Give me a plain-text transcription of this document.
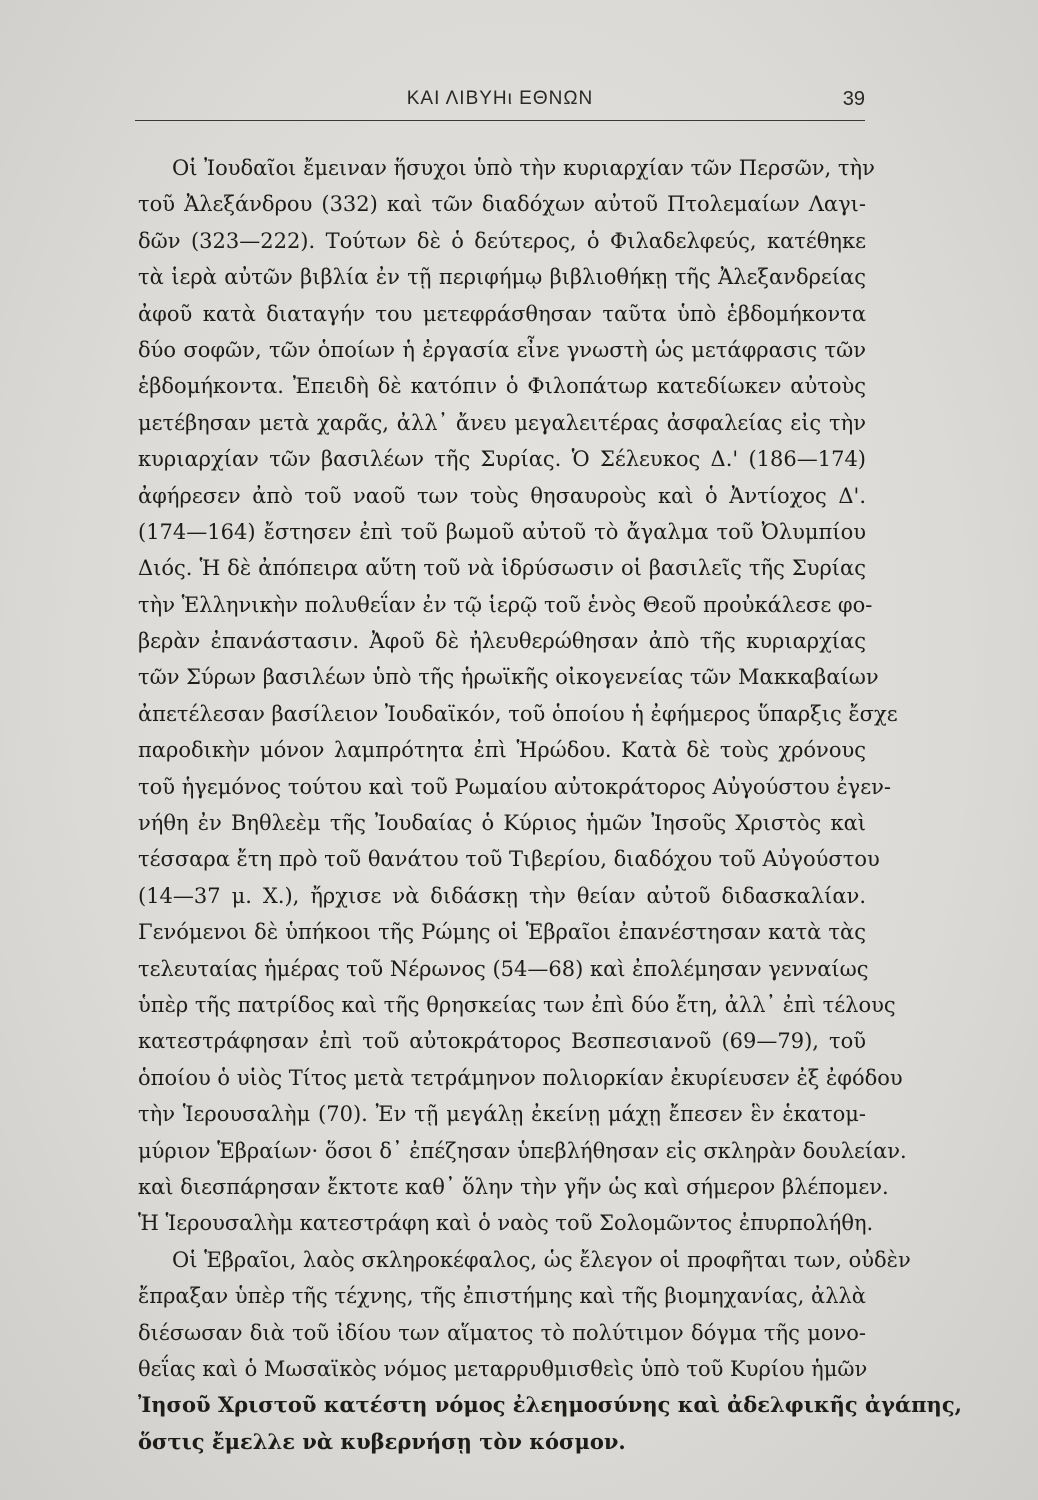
ΚΑΙ ΛΙΒΥΗι ΕΘΝΩΝ	39
Οἱ Ἰουδαῖοι ἔμειναν ἥσυχοι ὑπὸ τὴν κυριαρχίαν τῶν Περσῶν, τὴν
τοῦ Ἀλεξάνδρου (332) καὶ τῶν διαδόχων αὐτοῦ Πτολεμαίων Λαγι-
δῶν (323—222). Τούτων δὲ ὁ δεύτερος, ὁ Φιλαδελφεύς, κατέθηκε
τὰ ἱερὰ αὐτῶν βιβλία ἐν τῇ περιφήμῳ βιβλιοθήκῃ τῆς Ἀλεξανδρείας
ἀφοῦ κατὰ διαταγήν του μετεφράσθησαν ταῦτα ὑπὸ ἑβδομήκοντα
δύο σοφῶν, τῶν ὁποίων ἡ ἐργασία εἶνε γνωστὴ ὡς μετάφρασις τῶν
ἑβδομήκοντα. Ἐπειδὴ δὲ κατόπιν ὁ Φιλοπάτωρ κατεδίωκεν αὐτοὺς
μετέβησαν μετὰ χαρᾶς, ἀλλ᾽ ἄνευ μεγαλειτέρας ἀσφαλείας εἰς τὴν
κυριαρχίαν τῶν βασιλέων τῆς Συρίας. Ὁ Σέλευκος Δ.' (186—174)
ἀφήρεσεν ἀπὸ τοῦ ναοῦ των τοὺς θησαυροὺς καὶ ὁ Ἀντίοχος Δ'.
(174—164) ἔστησεν ἐπὶ τοῦ βωμοῦ αὐτοῦ τὸ ἄγαλμα τοῦ Ὀλυμπίου
Διός. Ἡ δὲ ἀπόπειρα αὕτη τοῦ νὰ ἱδρύσωσιν οἱ βασιλεῖς τῆς Συρίας
τὴν Ἑλληνικὴν πολυθεΐαν ἐν τῷ ἱερῷ τοῦ ἑνὸς Θεοῦ προὐκάλεσε φο-
βερὰν ἐπανάστασιν. Ἀφοῦ δὲ ἠλευθερώθησαν ἀπὸ τῆς κυριαρχίας
τῶν Σύρων βασιλέων ὑπὸ τῆς ἡρωϊκῆς οἰκογενείας τῶν Μακκαβαίων
ἀπετέλεσαν βασίλειον Ἰουδαϊκόν, τοῦ ὁποίου ἡ ἐφήμερος ὕπαρξις ἔσχε
παροδικὴν μόνον λαμπρότητα ἐπὶ Ἡρώδου. Κατὰ δὲ τοὺς χρόνους
τοῦ ἡγεμόνος τούτου καὶ τοῦ Ρωμαίου αὐτοκράτορος Αὐγούστου ἐγεν-
νήθη ἐν Βηθλεὲμ τῆς Ἰουδαίας ὁ Κύριος ἡμῶν Ἰησοῦς Χριστὸς καὶ
τέσσαρα ἔτη πρὸ τοῦ θανάτου τοῦ Τιβερίου, διαδόχου τοῦ Αὐγούστου
(14—37 μ. Χ.), ἤρχισε νὰ διδάσκῃ τὴν θείαν αὐτοῦ διδασκαλίαν.
Γενόμενοι δὲ ὑπήκοοι τῆς Ρώμης οἱ Ἑβραῖοι ἐπανέστησαν κατὰ τὰς
τελευταίας ἡμέρας τοῦ Νέρωνος (54—68) καὶ ἐπολέμησαν γενναίως
ὑπὲρ τῆς πατρίδος καὶ τῆς θρησκείας των ἐπὶ δύο ἔτη, ἀλλ᾽ ἐπὶ τέλους
κατεστράφησαν ἐπὶ τοῦ αὐτοκράτορος Βεσπεσιανοῦ (69—79), τοῦ
ὁποίου ὁ υἱὸς Τίτος μετὰ τετράμηνον πολιορκίαν ἐκυρίευσεν ἐξ ἐφόδου
τὴν Ἱερουσαλὴμ (70). Ἐν τῇ μεγάλῃ ἐκείνῃ μάχῃ ἔπεσεν ἓν ἑκατομ-
μύριον Ἑβραίων· ὅσοι δ᾽ ἐπέζησαν ὑπεβλήθησαν εἰς σκληρὰν δουλείαν.
καὶ διεσπάρησαν ἔκτοτε καθ᾽ ὅλην τὴν γῆν ὡς καὶ σήμερον βλέπομεν.
Ἡ Ἱερουσαλὴμ κατεστράφη καὶ ὁ ναὸς τοῦ Σολομῶντος ἐπυρπολήθη.
Οἱ Ἑβραῖοι, λαὸς σκληροκέφαλος, ὡς ἔλεγον οἱ προφῆται των, οὐδὲν
ἔπραξαν ὑπὲρ τῆς τέχνης, τῆς ἐπιστήμης καὶ τῆς βιομηχανίας, ἀλλὰ
διέσωσαν διὰ τοῦ ἰδίου των αἵματος τὸ πολύτιμον δόγμα τῆς μονο-
θεΐας καὶ ὁ Μωσαϊκὸς νόμος μεταρρυθμισθεὶς ὑπὸ τοῦ Κυρίου ἡμῶν
Ἰησοῦ Χριστοῦ κατέστη νόμος ἐλεημοσύνης καὶ ἀδελφικῆς ἀγάπης,
ὅστις ἔμελλε νὰ κυβερνήσῃ τὸν κόσμον.
